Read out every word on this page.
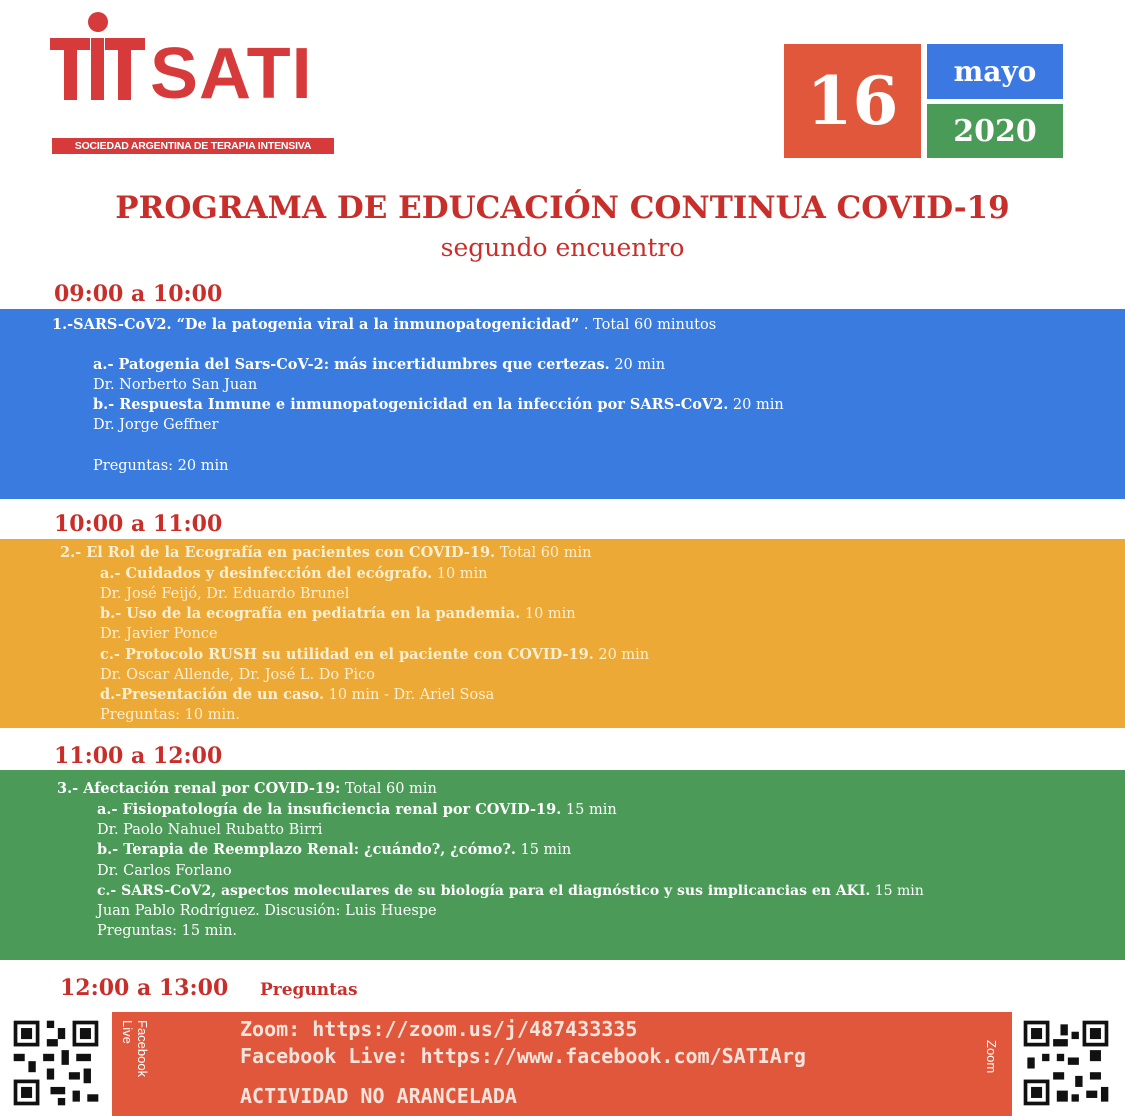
SATI
SOCIEDAD ARGENTINA DE TERAPIA INTENSIVA
16	mayo
2020
PROGRAMA DE EDUCACIÓN CONTINUA COVID-19
segundo encuentro
09:00 a 10:00
1.-SARS-CoV2. “De la patogenia viral a la inmunopatogenicidad” . Total 60 minutos
a.- Patogenia del Sars-CoV-2: más incertidumbres que certezas. 20 min
Dr. Norberto San Juan
b.- Respuesta Inmune e inmunopatogenicidad en la infección por SARS-CoV2. 20 min
Dr. Jorge Geffner
Preguntas: 20 min
10:00 a 11:00
2.- El Rol de la Ecografía en pacientes con COVID-19. Total 60 min
a.- Cuidados y desinfección del ecógrafo. 10 min
Dr. José Feijó, Dr. Eduardo Brunel
b.- Uso de la ecografía en pediatría en la pandemia. 10 min
Dr. Javier Ponce
c.- Protocolo RUSH su utilidad en el paciente con COVID-19. 20 min
Dr. Oscar Allende, Dr. José L. Do Pico
d.-Presentación de un caso. 10 min - Dr. Ariel Sosa
Preguntas: 10 min.
11:00 a 12:00
3.- Afectación renal por COVID-19: Total 60 min
a.- Fisiopatología de la insuficiencia renal por COVID-19. 15 min
Dr. Paolo Nahuel Rubatto Birri
b.- Terapia de Reemplazo Renal: ¿cuándo?, ¿cómo?. 15 min
Dr. Carlos Forlano
c.- SARS-CoV2, aspectos moleculares de su biología para el diagnóstico y sus implicancias en AKI. 15 min
Juan Pablo Rodríguez. Discusión: Luis Huespe
Preguntas: 15 min.
12:00 a 13:00 Preguntas
Facebook
Live	Zoom: https://zoom.us/j/487433335
Facebook Live: https://www.facebook.com/SATIArg
ACTIVIDAD NO ARANCELADA
Zoom
